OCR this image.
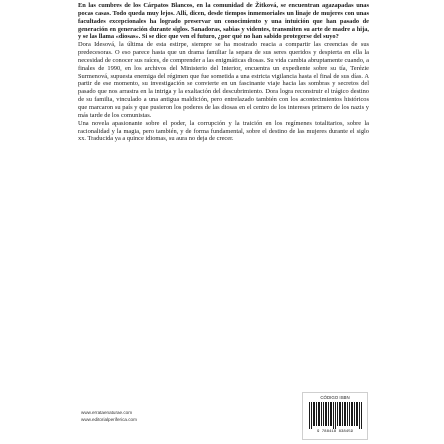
En las cumbres de los Cárpatos Blancos, en la comunidad de Žitková, se encuentran agazapadas unas pocas casas. Todo queda muy lejos. Allí, dicen, desde tiempos inmemoriales un linaje de mujeres con unas facultades excepcionales ha logrado preservar un conocimiento y una intuición que han pasado de generación en generación durante siglos. Sanadoras, sabias y videntes, transmiten su arte de madre a hija, y se las llama «diosas». Si se dice que ven el futuro, ¿por qué no han sabido protegerse del suyo?

Dora Idesová, la última de esta estirpe, siempre se ha mostrado reacia a compartir las creencias de sus predecesoras. O eso parece hasta que un drama familiar la separa de sus seres queridos y despierta en ella la necesidad de conocer sus raíces, de comprender a las enigmáticas diosas. Su vida cambia abruptamente cuando, a finales de 1990, en los archivos del Ministerio del Interior, encuentra un expediente sobre su tía, Terézie Surmenová, supuesta enemiga del régimen que fue sometida a una estricta vigilancia hasta el final de sus días. A partir de ese momento, su investigación se convierte en un fascinante viaje hacia las sombras y secretos del pasado que nos arrastra en la intriga y la exaltación del descubrimiento. Dora logra reconstruir el trágico destino de su familia, vinculado a una antigua maldición, pero entrelazado también con los acontecimientos históricos que marcaron su país y que pusieron los poderes de las diosas en el centro de los intereses primero de los nazis y más tarde de los comunistas.

Una novela apasionante sobre el poder, la corrupción y la traición en los regímenes totalitarios, sobre la racionalidad y la magia, pero también, y de forma fundamental, sobre el destino de las mujeres durante el siglo xx. Traducida ya a quince idiomas, su aura no deja de crecer.

www.errataenaturae.com
www.editorialperiferica.com
CÓDIGO ISBN
9 788418 838459
